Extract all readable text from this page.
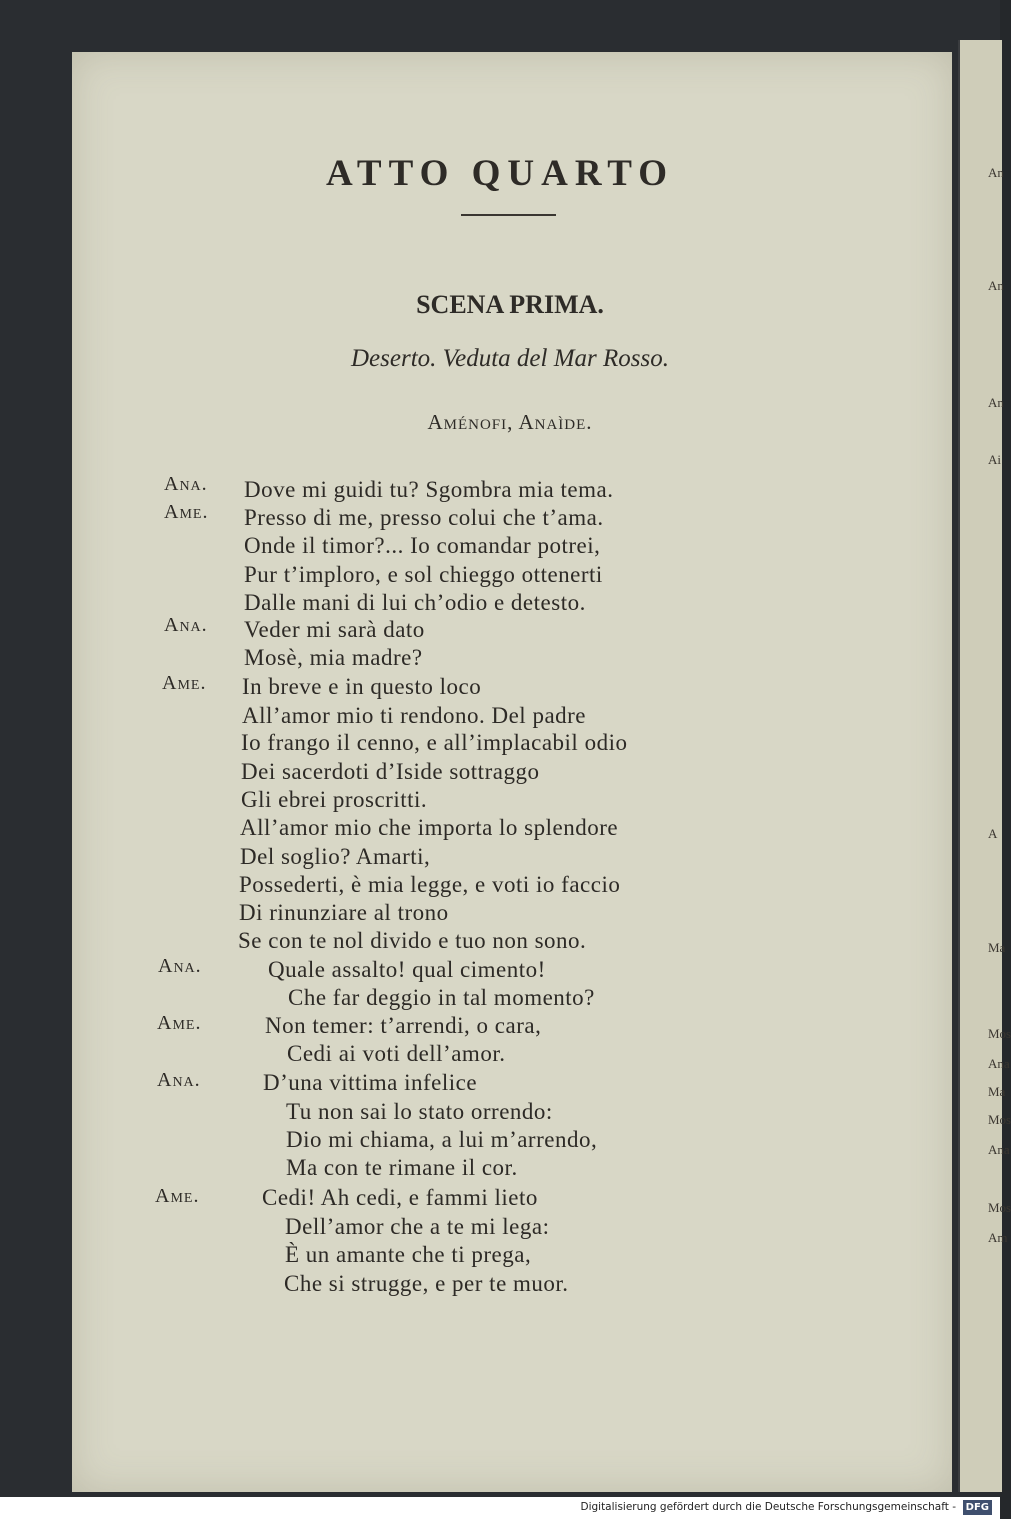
An
An
An
Ai
A
Ma
Mos
Ana
Ma
Mos
Ana
Mos
Am
ATTO QUARTO
SCENA PRIMA.

Deserto. Veduta del Mar Rosso.

Aménofi, Anaìde.

Ana. Dove mi guidi tu? Sgombra mia tema.
Ame. Presso di me, presso colui che t’ama.
Onde il timor?... Io comandar potrei,
Pur t’imploro, e sol chieggo ottenerti
Dalle mani di lui ch’odio e detesto.
Ana. Veder mi sarà dato
Mosè, mia madre?
Ame. In breve e in questo loco
All’amor mio ti rendono. Del padre
Io frango il cenno, e all’implacabil odio
Dei sacerdoti d’Iside sottraggo
Gli ebrei proscritti.
All’amor mio che importa lo splendore
Del soglio? Amarti,
Possederti, è mia legge, e voti io faccio
Di rinunziare al trono
Se con te nol divido e tuo non sono.
Ana.	Quale assalto! qual cimento!
Che far deggio in tal momento?
Ame.	Non temer: t’arrendi, o cara,
Cedi ai voti dell’amor.
Ana.	D’una vittima infelice
Tu non sai lo stato orrendo:
Dio mi chiama, a lui m’arrendo,
Ma con te rimane il cor.
Ame.	Cedi! Ah cedi, e fammi lieto
Dell’amor che a te mi lega:
È un amante che ti prega,
Che si strugge, e per te muor.
Digitalisierung gefördert durch die Deutsche Forschungsgemeinschaft - DFG
